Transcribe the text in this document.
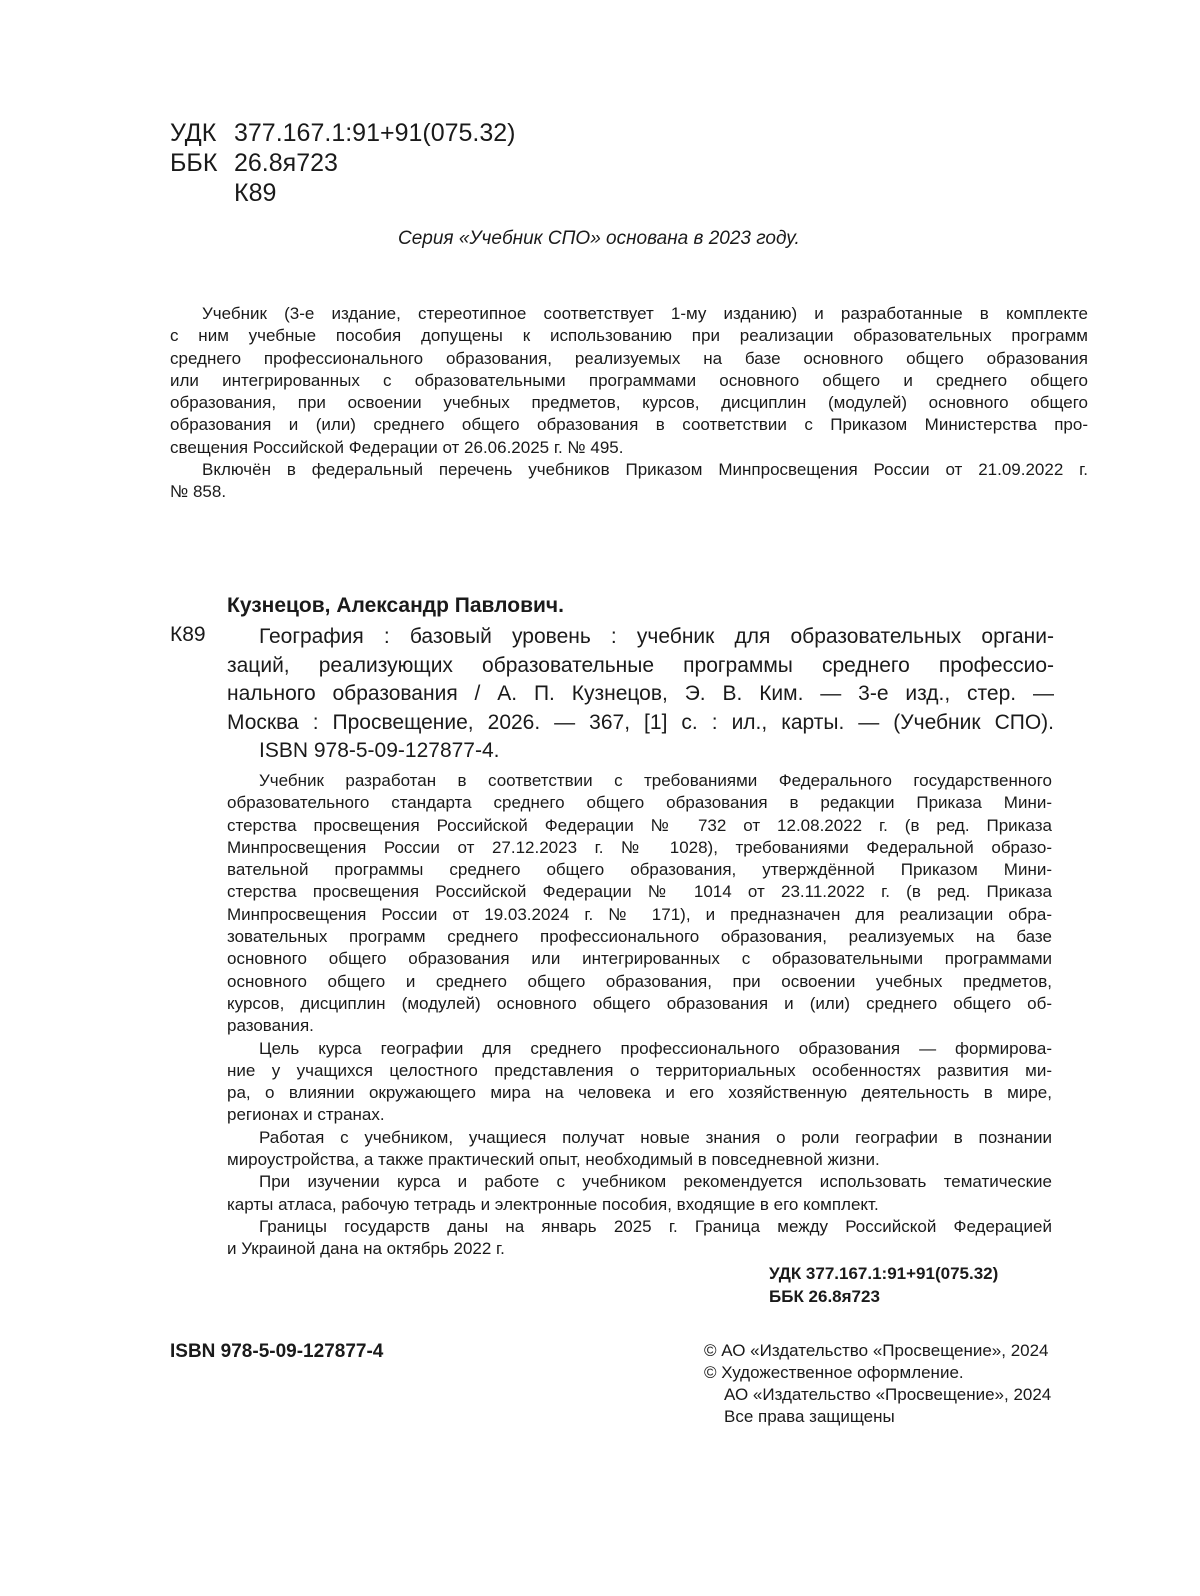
УДК 377.167.1:91+91(075.32)
ББК 26.8я723
К89
Серия «Учебник СПО» основана в 2023 году.
Учебник (3-е издание, стереотипное соответствует 1-му изданию) и разработанные в комплекте
с ним учебные пособия допущены к использованию при реализации образовательных программ
среднего профессионального образования, реализуемых на базе основного общего образования
или интегрированных с образовательными программами основного общего и среднего общего
образования, при освоении учебных предметов, курсов, дисциплин (модулей) основного общего
образования и (или) среднего общего образования в соответствии с Приказом Министерства про-
свещения Российской Федерации от 26.06.2025 г. № 495.
Включён в федеральный перечень учебников Приказом Минпросвещения России от 21.09.2022 г.
№ 858.
Кузнецов, Александр Павлович.
К89	География : базовый уровень : учебник для образовательных органи-
заций, реализующих образовательные программы среднего профессио-
нального образования / А. П. Кузнецов, Э. В. Ким. — 3-е изд., стер. —
Москва : Просвещение, 2026. — 367, [1] с. : ил., карты. — (Учебник СПО).
ISBN 978-5-09-127877-4.
Учебник разработан в соответствии с требованиями Федерального государственного
образовательного стандарта среднего общего образования в редакции Приказа Мини-
стерства просвещения Российской Федерации № 732 от 12.08.2022 г. (в ред. Приказа
Минпросвещения России от 27.12.2023 г. № 1028), требованиями Федеральной образо-
вательной программы среднего общего образования, утверждённой Приказом Мини-
стерства просвещения Российской Федерации № 1014 от 23.11.2022 г. (в ред. Приказа
Минпросвещения России от 19.03.2024 г. № 171), и предназначен для реализации обра-
зовательных программ среднего профессионального образования, реализуемых на базе
основного общего образования или интегрированных с образовательными программами
основного общего и среднего общего образования, при освоении учебных предметов,
курсов, дисциплин (модулей) основного общего образования и (или) среднего общего об-
разования.
Цель курса географии для среднего профессионального образования — формирова-
ние у учащихся целостного представления о территориальных особенностях развития ми-
ра, о влиянии окружающего мира на человека и его хозяйственную деятельность в мире,
регионах и странах.
Работая с учебником, учащиеся получат новые знания о роли географии в познании
мироустройства, а также практический опыт, необходимый в повседневной жизни.
При изучении курса и работе с учебником рекомендуется использовать тематические
карты атласа, рабочую тетрадь и электронные пособия, входящие в его комплект.
Границы государств даны на январь 2025 г. Граница между Российской Федерацией
и Украиной дана на октябрь 2022 г.
УДК 377.167.1:91+91(075.32)
ББК 26.8я723
ISBN 978-5-09-127877-4	© АО «Издательство «Просвещение», 2024
© Художественное оформление.
АО «Издательство «Просвещение», 2024
Все права защищены
